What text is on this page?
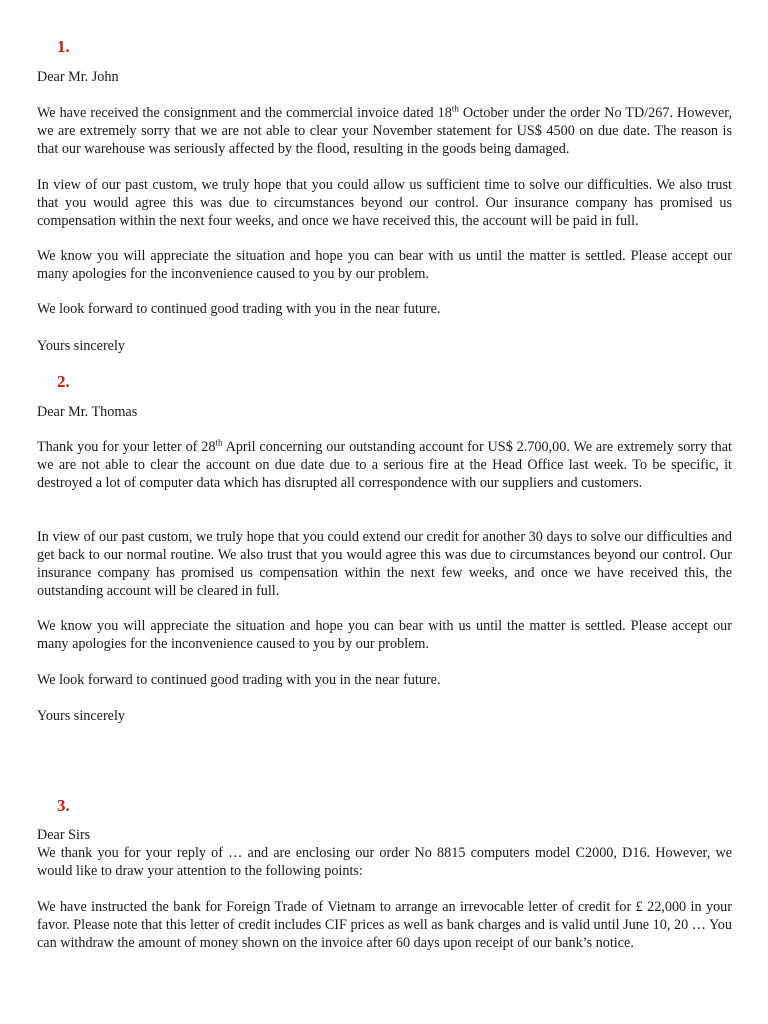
1.

Dear Mr. John

We have received the consignment and the commercial invoice dated 18th October under the order No TD/267. However, we are extremely sorry that we are not able to clear your November statement for US$ 4500 on due date. The reason is that our warehouse was seriously affected by the flood, resulting in the goods being damaged.

In view of our past custom, we truly hope that you could allow us sufficient time to solve our difficulties. We also trust that you would agree this was due to circumstances beyond our control. Our insurance company has promised us compensation within the next four weeks, and once we have received this, the account will be paid in full.

We know you will appreciate the situation and hope you can bear with us until the matter is settled. Please accept our many apologies for the inconvenience caused to you by our problem.

We look forward to continued good trading with you in the near future.

Yours sincerely

2.

Dear Mr. Thomas

Thank you for your letter of 28th April concerning our outstanding account for US$ 2.700,00. We are extremely sorry that we are not able to clear the account on due date due to a serious fire at the Head Office last week. To be specific, it destroyed a lot of computer data which has disrupted all correspondence with our suppliers and customers.

In view of our past custom, we truly hope that you could extend our credit for another 30 days to solve our difficulties and get back to our normal routine. We also trust that you would agree this was due to circumstances beyond our control. Our insurance company has promised us compensation within the next few weeks, and once we have received this, the outstanding account will be cleared in full.

We know you will appreciate the situation and hope you can bear with us until the matter is settled. Please accept our many apologies for the inconvenience caused to you by our problem.

We look forward to continued good trading with you in the near future.

Yours sincerely

3.

Dear Sirs

We thank you for your reply of … and are enclosing our order No 8815 computers model C2000, D16. However, we would like to draw your attention to the following points:

We have instructed the bank for Foreign Trade of Vietnam to arrange an irrevocable letter of credit for £ 22,000 in your favor. Please note that this letter of credit includes CIF prices as well as bank charges and is valid until June 10, 20 … You can withdraw the amount of money shown on the invoice after 60 days upon receipt of our bank’s notice.
